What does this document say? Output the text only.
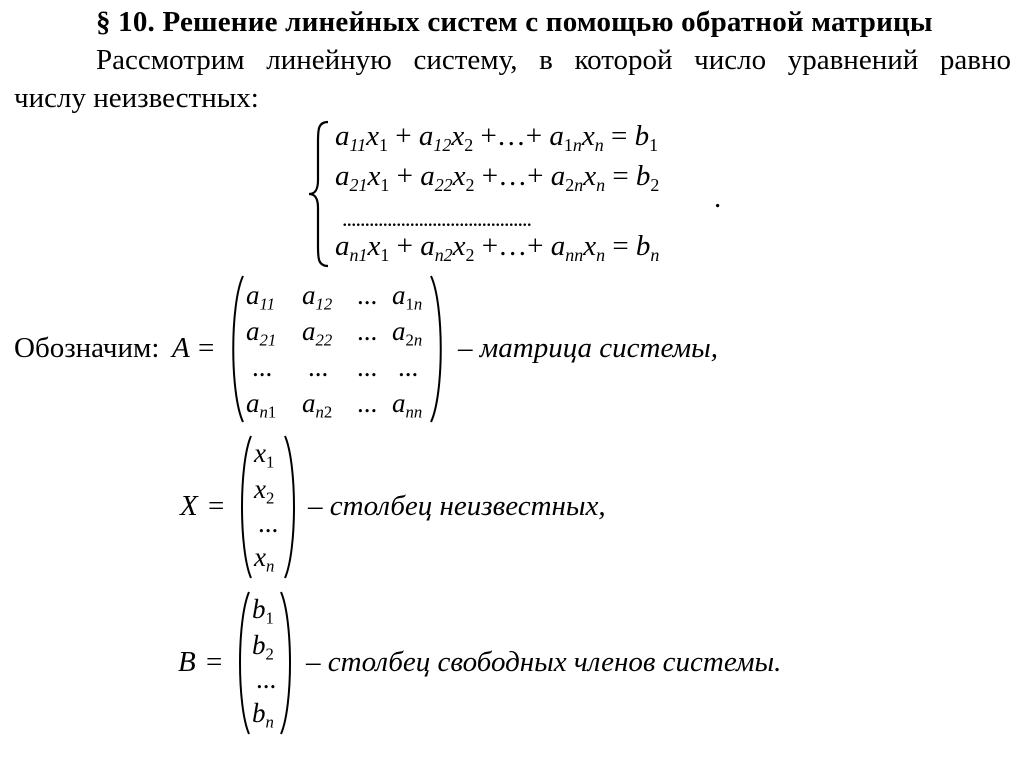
§ 10. Решение линейных систем с помощью обратной матрицы
Рассмотрим линейную систему, в которой число уравнений равно
числу неизвестных:
$a_{11}x_1 + a_{12}x_2$ +…+ $a_{1n}x_n = b_1$
$a_{21}x_1 + a_{22}x_2$ +…+ $a_{2n}x_n = b_2$
..........................................
.
$a_{n1}x_1 + a_{n2}x_2$ +…+ $a_{nn}x_n = b_n$
Обозначим: A =
$a_{11}$ $a_{12}$ ... $a_{1n}$
$a_{21}$ $a_{22}$ ... $a_{2n}$
... ... ... ...
$a_{n1}$ $a_{n2}$ ... $a_{nn}$
– матрица системы,
X =
$x_1$
$x_2$
...
$x_n$
– столбец неизвестных,
B =
$b_1$
$b_2$
...
$b_n$
– столбец свободных членов системы.
